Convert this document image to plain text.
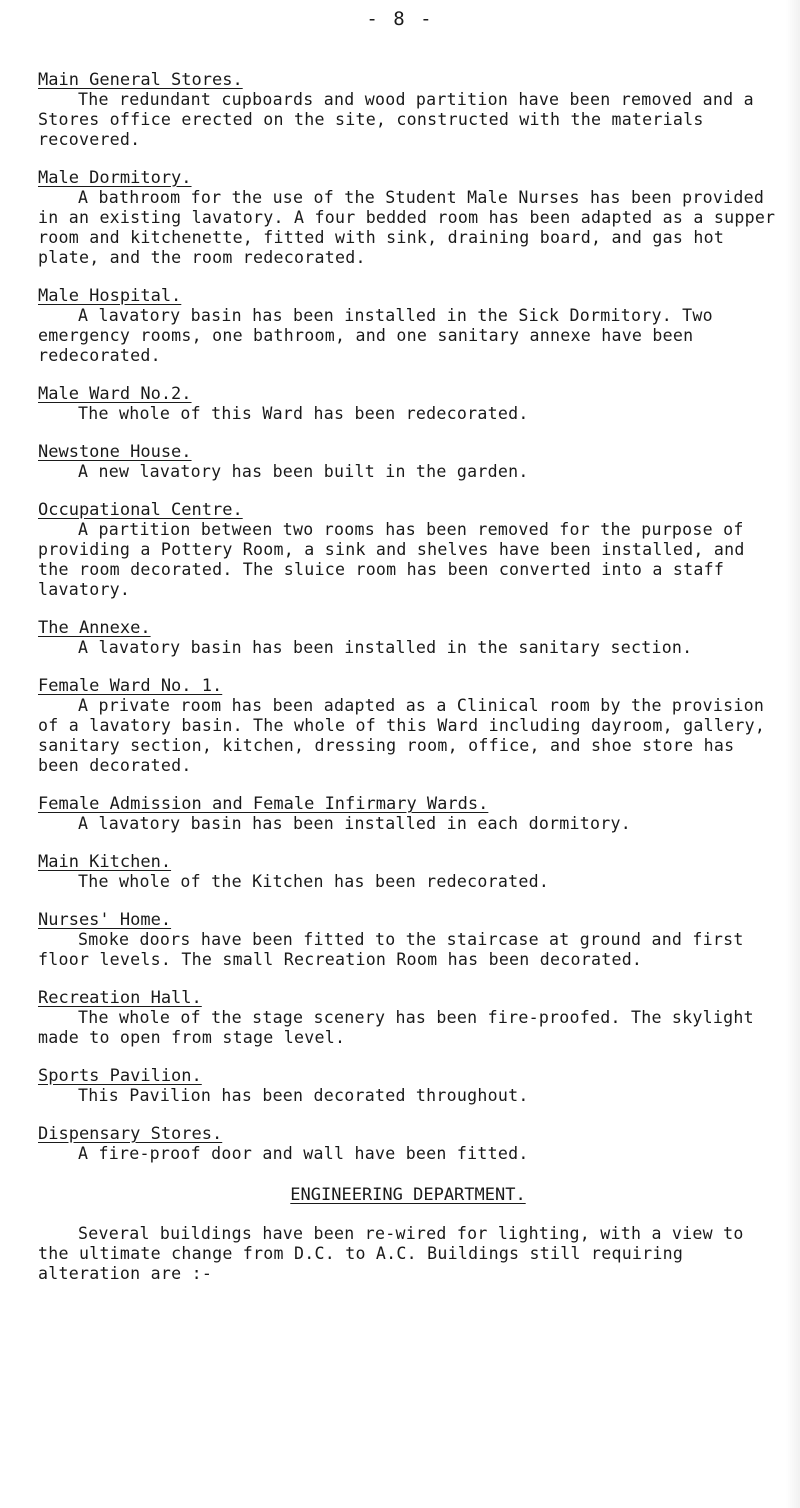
- 8 -
Main General Stores.

The redundant cupboards and wood partition have been removed and a Stores office erected on the site, constructed with the materials recovered.

Male Dormitory.

A bathroom for the use of the Student Male Nurses has been provided in an existing lavatory. A four bedded room has been adapted as a supper room and kitchenette, fitted with sink, draining board, and gas hot plate, and the room redecorated.

Male Hospital.

A lavatory basin has been installed in the Sick Dormitory. Two emergency rooms, one bathroom, and one sanitary annexe have been redecorated.

Male Ward No.2.

The whole of this Ward has been redecorated.

Newstone House.

A new lavatory has been built in the garden.

Occupational Centre.

A partition between two rooms has been removed for the purpose of providing a Pottery Room, a sink and shelves have been installed, and the room decorated. The sluice room has been converted into a staff lavatory.

The Annexe.

A lavatory basin has been installed in the sanitary section.

Female Ward No. 1.

A private room has been adapted as a Clinical room by the provision of a lavatory basin. The whole of this Ward including dayroom, gallery, sanitary section, kitchen, dressing room, office, and shoe store has been decorated.

Female Admission and Female Infirmary Wards.

A lavatory basin has been installed in each dormitory.

Main Kitchen.

The whole of the Kitchen has been redecorated.

Nurses' Home.

Smoke doors have been fitted to the staircase at ground and first floor levels. The small Recreation Room has been decorated.

Recreation Hall.

The whole of the stage scenery has been fire-proofed. The skylight made to open from stage level.

Sports Pavilion.

This Pavilion has been decorated throughout.

Dispensary Stores.

A fire-proof door and wall have been fitted.

ENGINEERING DEPARTMENT.

Several buildings have been re-wired for lighting, with a view to the ultimate change from D.C. to A.C. Buildings still requiring alteration are :-
